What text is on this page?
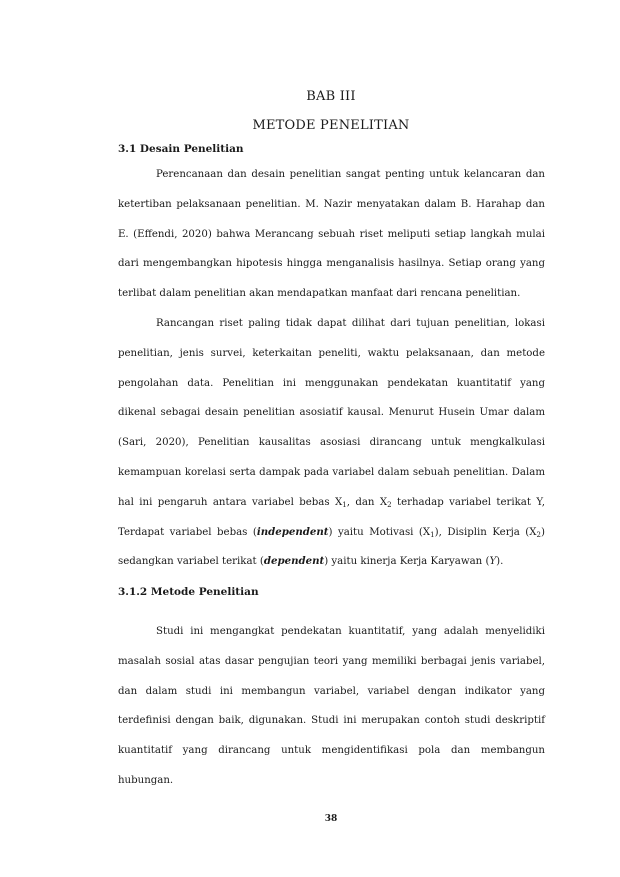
BAB III
METODE PENELITIAN
3.1 Desain Penelitian

Perencanaan dan desain penelitian sangat penting untuk kelancaran dan ketertiban pelaksanaan penelitian. M. Nazir menyatakan dalam B. Harahap dan E. (Effendi, 2020) bahwa Merancang sebuah riset meliputi setiap langkah mulai dari mengembangkan hipotesis hingga menganalisis hasilnya. Setiap orang yang terlibat dalam penelitian akan mendapatkan manfaat dari rencana penelitian.

Rancangan riset paling tidak dapat dilihat dari tujuan penelitian, lokasi penelitian, jenis survei, keterkaitan peneliti, waktu pelaksanaan, dan metode pengolahan data. Penelitian ini menggunakan pendekatan kuantitatif yang dikenal sebagai desain penelitian asosiatif kausal. Menurut Husein Umar dalam (Sari, 2020), Penelitian kausalitas asosiasi dirancang untuk mengkalkulasi kemampuan korelasi serta dampak pada variabel dalam sebuah penelitian. Dalam hal ini pengaruh antara variabel bebas $X_1$, dan $X_2$ terhadap variabel terikat Y, Terdapat variabel bebas (independent) yaitu Motivasi $(X_1)$, Disiplin Kerja $(X_2)$ sedangkan variabel terikat (dependent) yaitu kinerja Kerja Karyawan (Y).

3.1.2 Metode Penelitian

Studi ini mengangkat pendekatan kuantitatif, yang adalah menyelidiki masalah sosial atas dasar pengujian teori yang memiliki berbagai jenis variabel, dan dalam studi ini membangun variabel, variabel dengan indikator yang terdefinisi dengan baik, digunakan. Studi ini merupakan contoh studi deskriptif kuantitatif yang dirancang untuk mengidentifikasi pola dan membangun hubungan.

38
